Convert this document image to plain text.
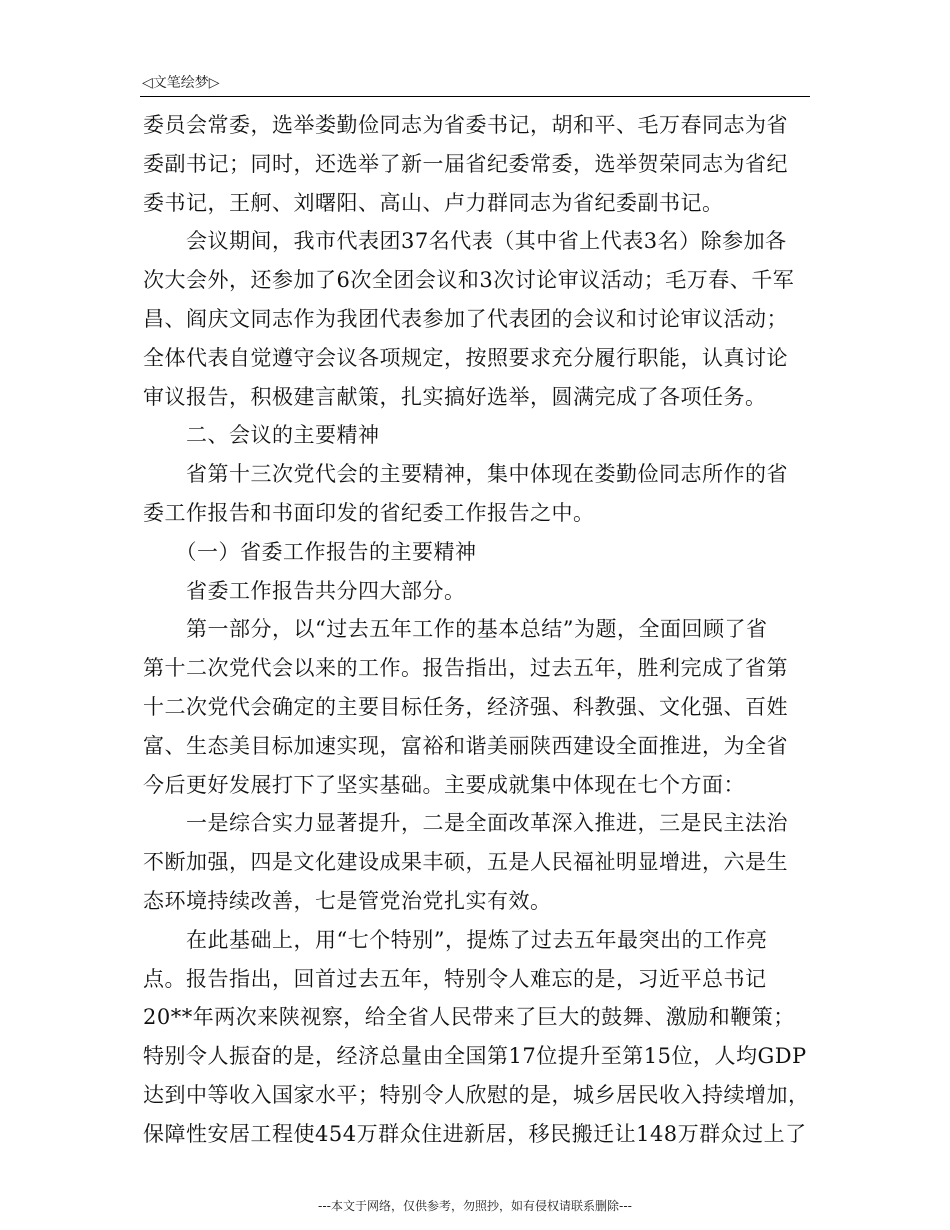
◁文笔绘梦▷

委员会常委，选举娄勤俭同志为省委书记，胡和平、毛万春同志为省

委副书记；同时，还选举了新一届省纪委常委，选举贺荣同志为省纪

委书记，王舸、刘曙阳、高山、卢力群同志为省纪委副书记。

　　会议期间，我市代表团37名代表（其中省上代表3名）除参加各

次大会外，还参加了6次全团会议和3次讨论审议活动；毛万春、千军

昌、阎庆文同志作为我团代表参加了代表团的会议和讨论审议活动；

全体代表自觉遵守会议各项规定，按照要求充分履行职能，认真讨论

审议报告，积极建言献策，扎实搞好选举，圆满完成了各项任务。

　　二、会议的主要精神

　　省第十三次党代会的主要精神，集中体现在娄勤俭同志所作的省

委工作报告和书面印发的省纪委工作报告之中。

　　（一）省委工作报告的主要精神

　　省委工作报告共分四大部分。

　　第一部分，以“过去五年工作的基本总结”为题，全面回顾了省

第十二次党代会以来的工作。报告指出，过去五年，胜利完成了省第

十二次党代会确定的主要目标任务，经济强、科教强、文化强、百姓

富、生态美目标加速实现，富裕和谐美丽陕西建设全面推进，为全省

今后更好发展打下了坚实基础。主要成就集中体现在七个方面：

　　一是综合实力显著提升，二是全面改革深入推进，三是民主法治

不断加强，四是文化建设成果丰硕，五是人民福祉明显增进，六是生

态环境持续改善，七是管党治党扎实有效。

　　在此基础上，用“七个特别”，提炼了过去五年最突出的工作亮

点。报告指出，回首过去五年，特别令人难忘的是，习近平总书记

20**年两次来陕视察，给全省人民带来了巨大的鼓舞、激励和鞭策；

特别令人振奋的是，经济总量由全国第17位提升至第15位，人均GDP

达到中等收入国家水平；特别令人欣慰的是，城乡居民收入持续增加，

保障性安居工程使454万群众住进新居，移民搬迁让148万群众过上了

---本文于网络，仅供参考，勿照抄，如有侵权请联系删除---
